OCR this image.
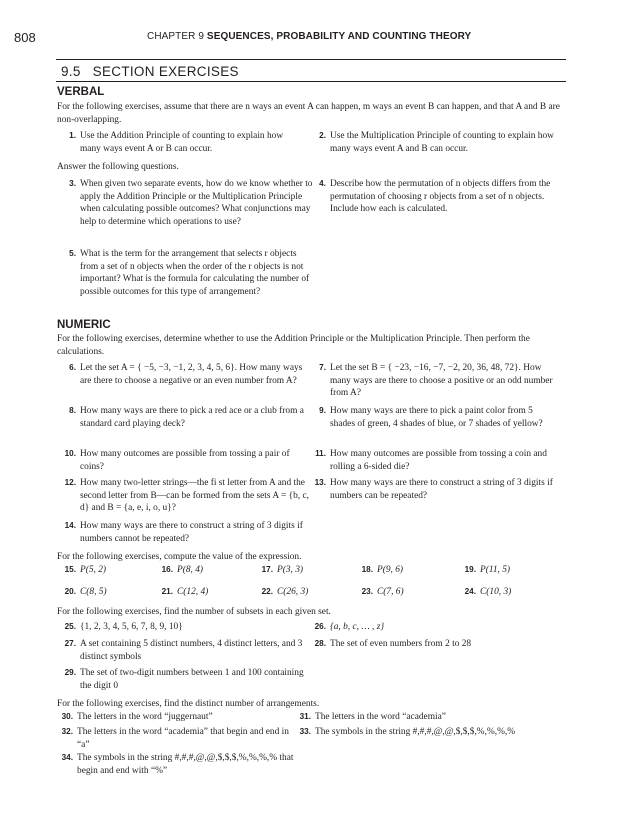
808	CHAPTER 9 SEQUENCES, PROBABILITY AND COUNTING THEORY
9.5 SECTION EXERCISES
VERBAL
For the following exercises, assume that there are n ways an event A can happen, m ways an event B can happen, and that A and B are non-overlapping.
1. Use the Addition Principle of counting to explain how many ways event A or B can occur.
2. Use the Multiplication Principle of counting to explain how many ways event A and B can occur.
Answer the following questions.
3. When given two separate events, how do we know whether to apply the Addition Principle or the Multiplication Principle when calculating possible outcomes? What conjunctions may help to determine which operations to use?
4. Describe how the permutation of n objects differs from the permutation of choosing r objects from a set of n objects. Include how each is calculated.
5. What is the term for the arrangement that selects r objects from a set of n objects when the order of the r objects is not important? What is the formula for calculating the number of possible outcomes for this type of arrangement?
NUMERIC
For the following exercises, determine whether to use the Addition Principle or the Multiplication Principle. Then perform the calculations.
6. Let the set A = { −5, −3, −1, 2, 3, 4, 5, 6}. How many ways are there to choose a negative or an even number from A?
7. Let the set B = { −23, −16, −7, −2, 20, 36, 48, 72}. How many ways are there to choose a positive or an odd number from A?
8. How many ways are there to pick a red ace or a club from a standard card playing deck?
9. How many ways are there to pick a paint color from 5 shades of green, 4 shades of blue, or 7 shades of yellow?
10. How many outcomes are possible from tossing a pair of coins?
11. How many outcomes are possible from tossing a coin and rolling a 6-sided die?
12. How many two-letter strings—the fi st letter from A and the second letter from B—can be formed from the sets A = {b, c, d} and B = {a, e, i, o, u}?
13. How many ways are there to construct a string of 3 digits if numbers can be repeated?
14. How many ways are there to construct a string of 3 digits if numbers cannot be repeated?
For the following exercises, compute the value of the expression.
15. P(5, 2)	16. P(8, 4)	17. P(3, 3)	18. P(9, 6)	19. P(11, 5)
20. C(8, 5)	21. C(12, 4)	22. C(26, 3)	23. C(7, 6)	24. C(10, 3)
For the following exercises, find the number of subsets in each given set.
25. {1, 2, 3, 4, 5, 6, 7, 8, 9, 10}	26. {a, b, c, … , z}
27. A set containing 5 distinct numbers, 4 distinct letters, and 3 distinct symbols
28. The set of even numbers from 2 to 28
29. The set of two-digit numbers between 1 and 100 containing the digit 0
For the following exercises, find the distinct number of arrangements.
30. The letters in the word “juggernaut”	31. The letters in the word “academia”
32. The letters in the word “academia” that begin and end in “a”
33. The symbols in the string #,#,#,@,@,$,$,$,%,%,%,%
34. The symbols in the string #,#,#,@,@,$,$,$,%,%,%,% that begin and end with “%”
